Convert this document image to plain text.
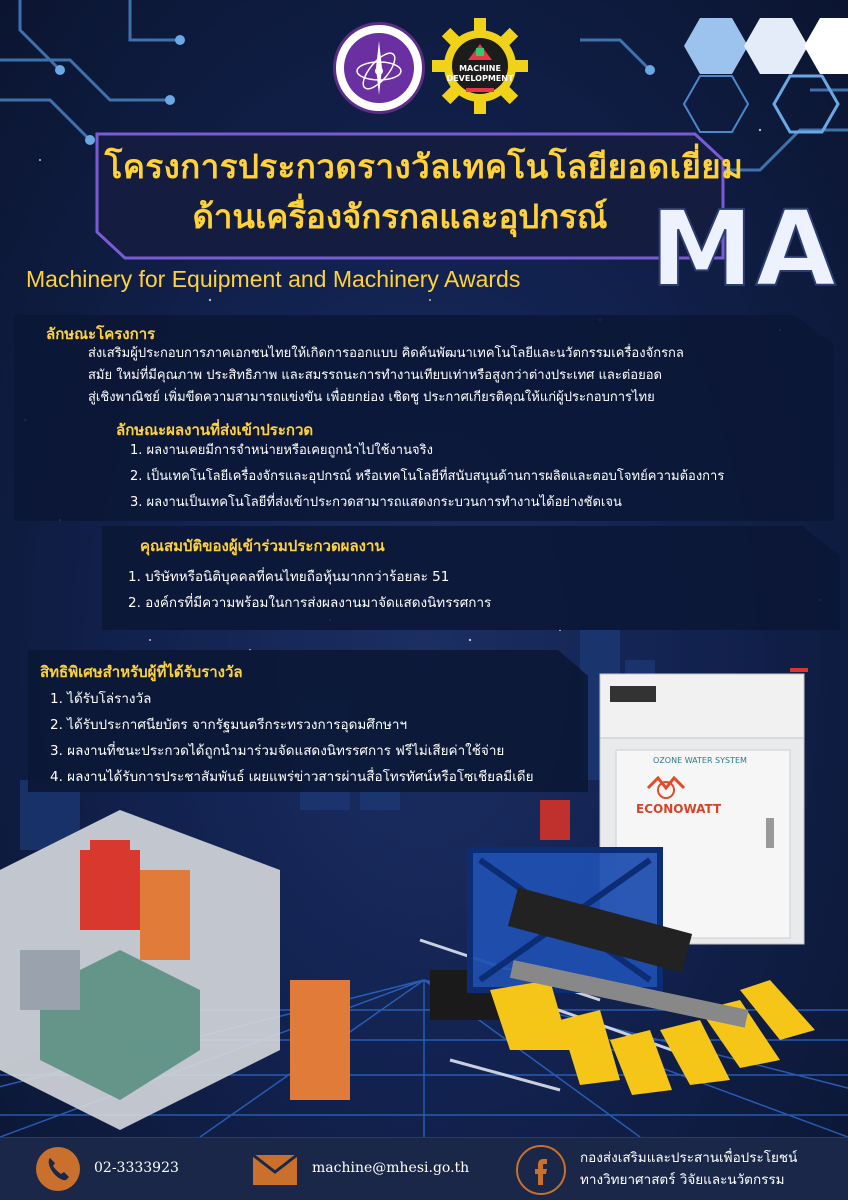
MACHINE
DEVELOPMENT
โครงการประกวดรางวัลเทคโนโลยียอดเยี่ยม
ด้านเครื่องจักรกลและอุปกรณ์ MA
Machinery for Equipment and Machinery Awards
ลักษณะโครงการ
ส่งเสริมผู้ประกอบการภาคเอกชนไทยให้เกิดการออกแบบ คิดค้นพัฒนาเทคโนโลยีและนวัตกรรมเครื่องจักรกล
สมัย ใหม่ที่มีคุณภาพ ประสิทธิภาพ และสมรรถนะการทำงานเทียบเท่าหรือสูงกว่าต่างประเทศ และต่อยอด
สู่เชิงพาณิชย์ เพิ่มขีดความสามารถแข่งขัน เพื่อยกย่อง เชิดชู ประกาศเกียรติคุณให้แก่ผู้ประกอบการไทย
ลักษณะผลงานที่ส่งเข้าประกวด
1. ผลงานเคยมีการจำหน่ายหรือเคยถูกนำไปใช้งานจริง
2. เป็นเทคโนโลยีเครื่องจักรและอุปกรณ์ หรือเทคโนโลยีที่สนับสนุนด้านการผลิตและตอบโจทย์ความต้องการ
3. ผลงานเป็นเทคโนโลยีที่ส่งเข้าประกวดสามารถแสดงกระบวนการทำงานได้อย่างชัดเจน
คุณสมบัติของผู้เข้าร่วมประกวดผลงาน
1. บริษัทหรือนิติบุคคลที่คนไทยถือหุ้นมากกว่าร้อยละ 51
2. องค์กรที่มีความพร้อมในการส่งผลงานมาจัดแสดงนิทรรศการ
สิทธิพิเศษสำหรับผู้ที่ได้รับรางวัล
1. ได้รับโล่รางวัล
2. ได้รับประกาศนียบัตร จากรัฐมนตรีกระทรวงการอุดมศึกษาฯ
3. ผลงานที่ชนะประกวดได้ถูกนำมาร่วมจัดแสดงนิทรรศการ ฟรีไม่เสียค่าใช้จ่าย
4. ผลงานได้รับการประชาสัมพันธ์ เผยแพร่ข่าวสารผ่านสื่อโทรทัศน์หรือโซเชียลมีเดีย
OZONE WATER SYSTEM
ECONOWATT
02-3333923	machine@mhesi.go.th
กองส่งเสริมและประสานเพื่อประโยชน์
ทางวิทยาศาสตร์ วิจัยและนวัตกรรม
